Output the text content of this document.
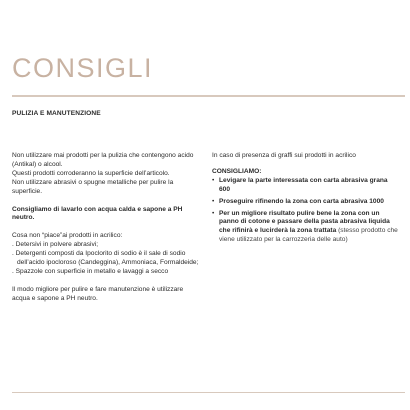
CONSIGLI
PULIZIA E MANUTENZIONE

Non utilizzare mai prodotti per la pulizia che contengono acido (Antikal) o alcool.

Questi prodotti corroderanno la superficie dell’articolo.

Non utilizzare abrasivi o spugne metalliche per pulire la superficie.

Consigliamo di lavarlo con acqua calda e sapone a PH neutro.

Cosa non “piace”ai prodotti in acrilico:

. Detersivi in polvere abrasivi;
. Detergenti composti da Ipoclorito di sodio è il sale di sodio dell’acido ipocloroso (Candeggina), Ammoniaca, Formaldeide;
. Spazzole con superficie in metallo e lavaggi a secco

Il modo migliore per pulire e fare manutenzione è utilizzare acqua e sapone a PH neutro.

In caso di presenza di graffi sui prodotti in acrilico

CONSIGLIAMO:

• Levigare la parte interessata con carta abrasiva grana 600
• Proseguire rifinendo la zona con carta abrasiva 1000
• Per un migliore risultato pulire bene la zona con un panno di cotone e passare della pasta abrasiva liquida che rifinirà e lucirderà la zona trattata (stesso prodotto che viene utilizzato per la carrozzeria delle auto)
